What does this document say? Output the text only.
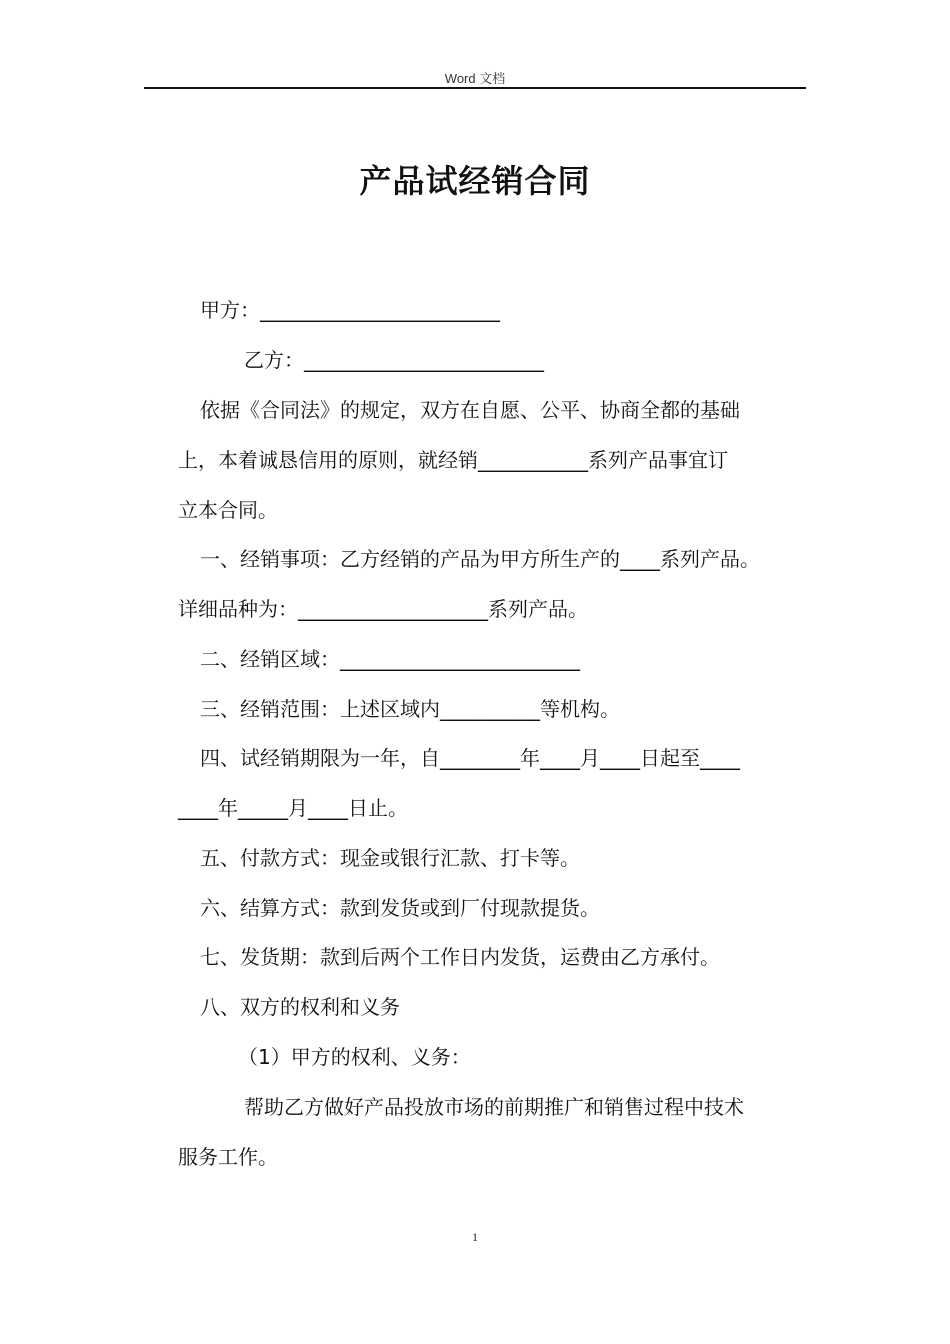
Word 文档
产品试经销合同
甲方：________________________
乙方：________________________
依据《合同法》的规定，双方在自愿、公平、协商全都的基础
上，本着诚恳信用的原则，就经销___________系列产品事宜订
立本合同。
一、经销事项：乙方经销的产品为甲方所生产的____系列产品。
详细品种为：___________________系列产品。
二、经销区域：________________________
三、经销范围：上述区域内__________等机构。
四、试经销期限为一年，自________年____月____日起至____
____年_____月____日止。
五、付款方式：现金或银行汇款、打卡等。
六、结算方式：款到发货或到厂付现款提货。
七、发货期：款到后两个工作日内发货，运费由乙方承付。
八、双方的权利和义务
（1）甲方的权利、义务：
帮助乙方做好产品投放市场的前期推广和销售过程中技术
服务工作。
1
